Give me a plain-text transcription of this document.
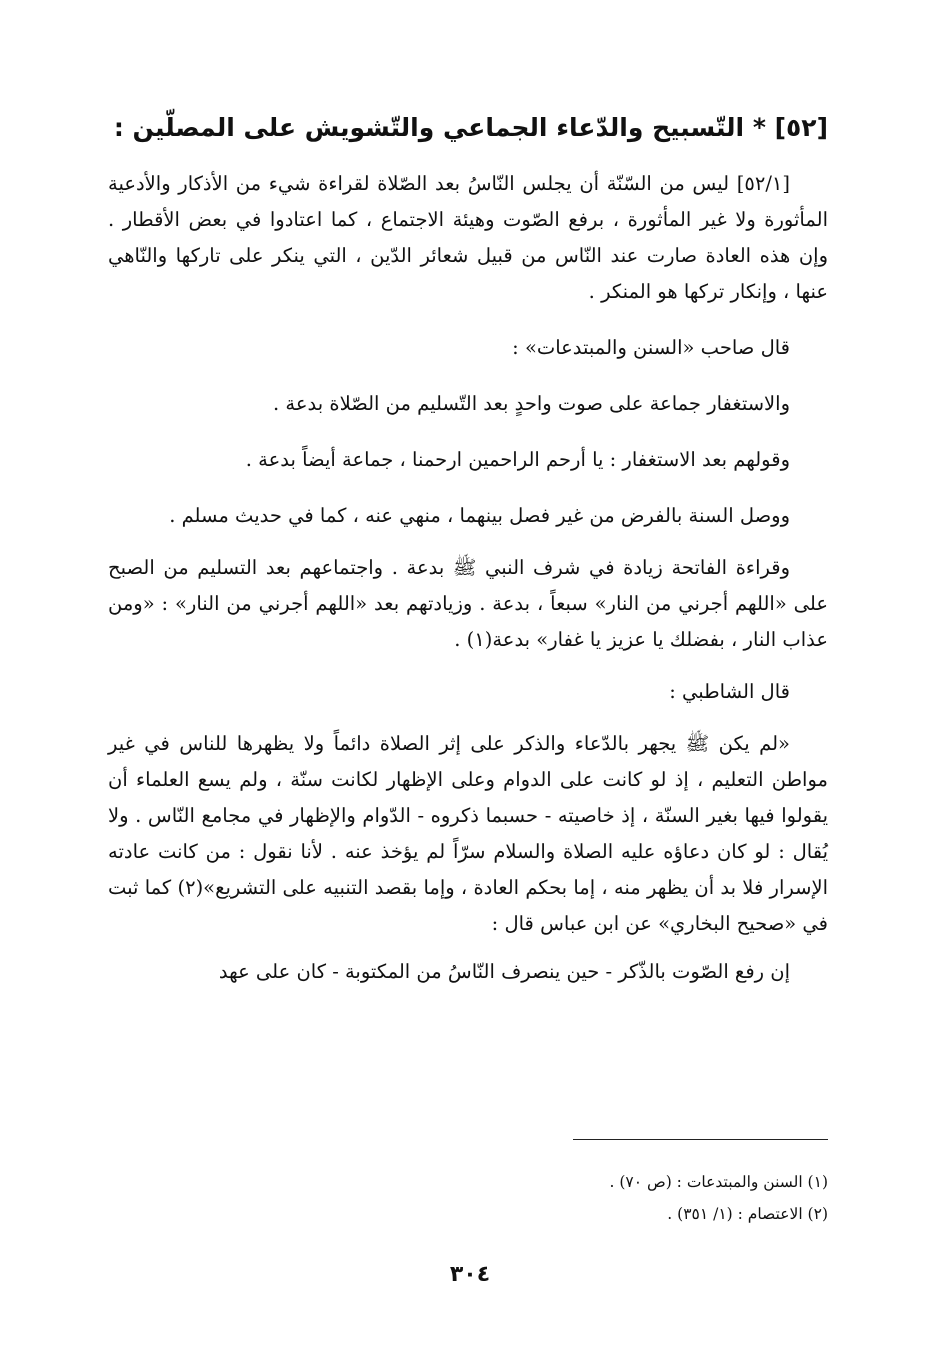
[٥٢] * التّسبيح والدّعاء الجماعي والتّشويش على المصلّين :

[٥٢/١] ليس من السّنّة أن يجلس النّاسُ بعد الصّلاة لقراءة شيء من الأذكار والأدعية المأثورة ولا غير المأثورة ، برفع الصّوت وهيئة الاجتماع ، كما اعتادوا في بعض الأقطار . وإن هذه العادة صارت عند النّاس من قبيل شعائر الدّين ، التي ينكر على تاركها والنّاهي عنها ، وإنكار تركها هو المنكر .

قال صاحب «السنن والمبتدعات» :

والاستغفار جماعة على صوت واحدٍ بعد التّسليم من الصّلاة بدعة .

وقولهم بعد الاستغفار : يا أرحم الراحمين ارحمنا ، جماعة أيضاً بدعة .

ووصل السنة بالفرض من غير فصل بينهما ، منهي عنه ، كما في حديث مسلم .

وقراءة الفاتحة زيادة في شرف النبي ﷺ بدعة . واجتماعهم بعد التسليم من الصبح على «اللهم أجرني من النار» سبعاً ، بدعة . وزيادتهم بعد «اللهم أجرني من النار» : «ومن عذاب النار ، بفضلك يا عزيز يا غفار» بدعة(١) .

قال الشاطبي :

«لم يكن ﷺ يجهر بالدّعاء والذكر على إثر الصلاة دائماً ولا يظهرها للناس في غير مواطن التعليم ، إذ لو كانت على الدوام وعلى الإظهار لكانت سنّة ، ولم يسع العلماء أن يقولوا فيها بغير السنّة ، إذ خاصيته - حسبما ذكروه - الدّوام والإظهار في مجامع النّاس . ولا يُقال : لو كان دعاؤه عليه الصلاة والسلام سرّاً لم يؤخذ عنه . لأنا نقول : من كانت عادته الإسرار فلا بد أن يظهر منه ، إما بحكم العادة ، وإما بقصد التنبيه على التشريع»(٢) كما ثبت في «صحيح البخاري» عن ابن عباس قال :

إن رفع الصّوت بالذّكر - حين ينصرف النّاسُ من المكتوبة - كان على عهد

(١) السنن والمبتدعات : (ص ٧٠) .
(٢) الاعتصام : (١/ ٣٥١) .
٣٠٤
